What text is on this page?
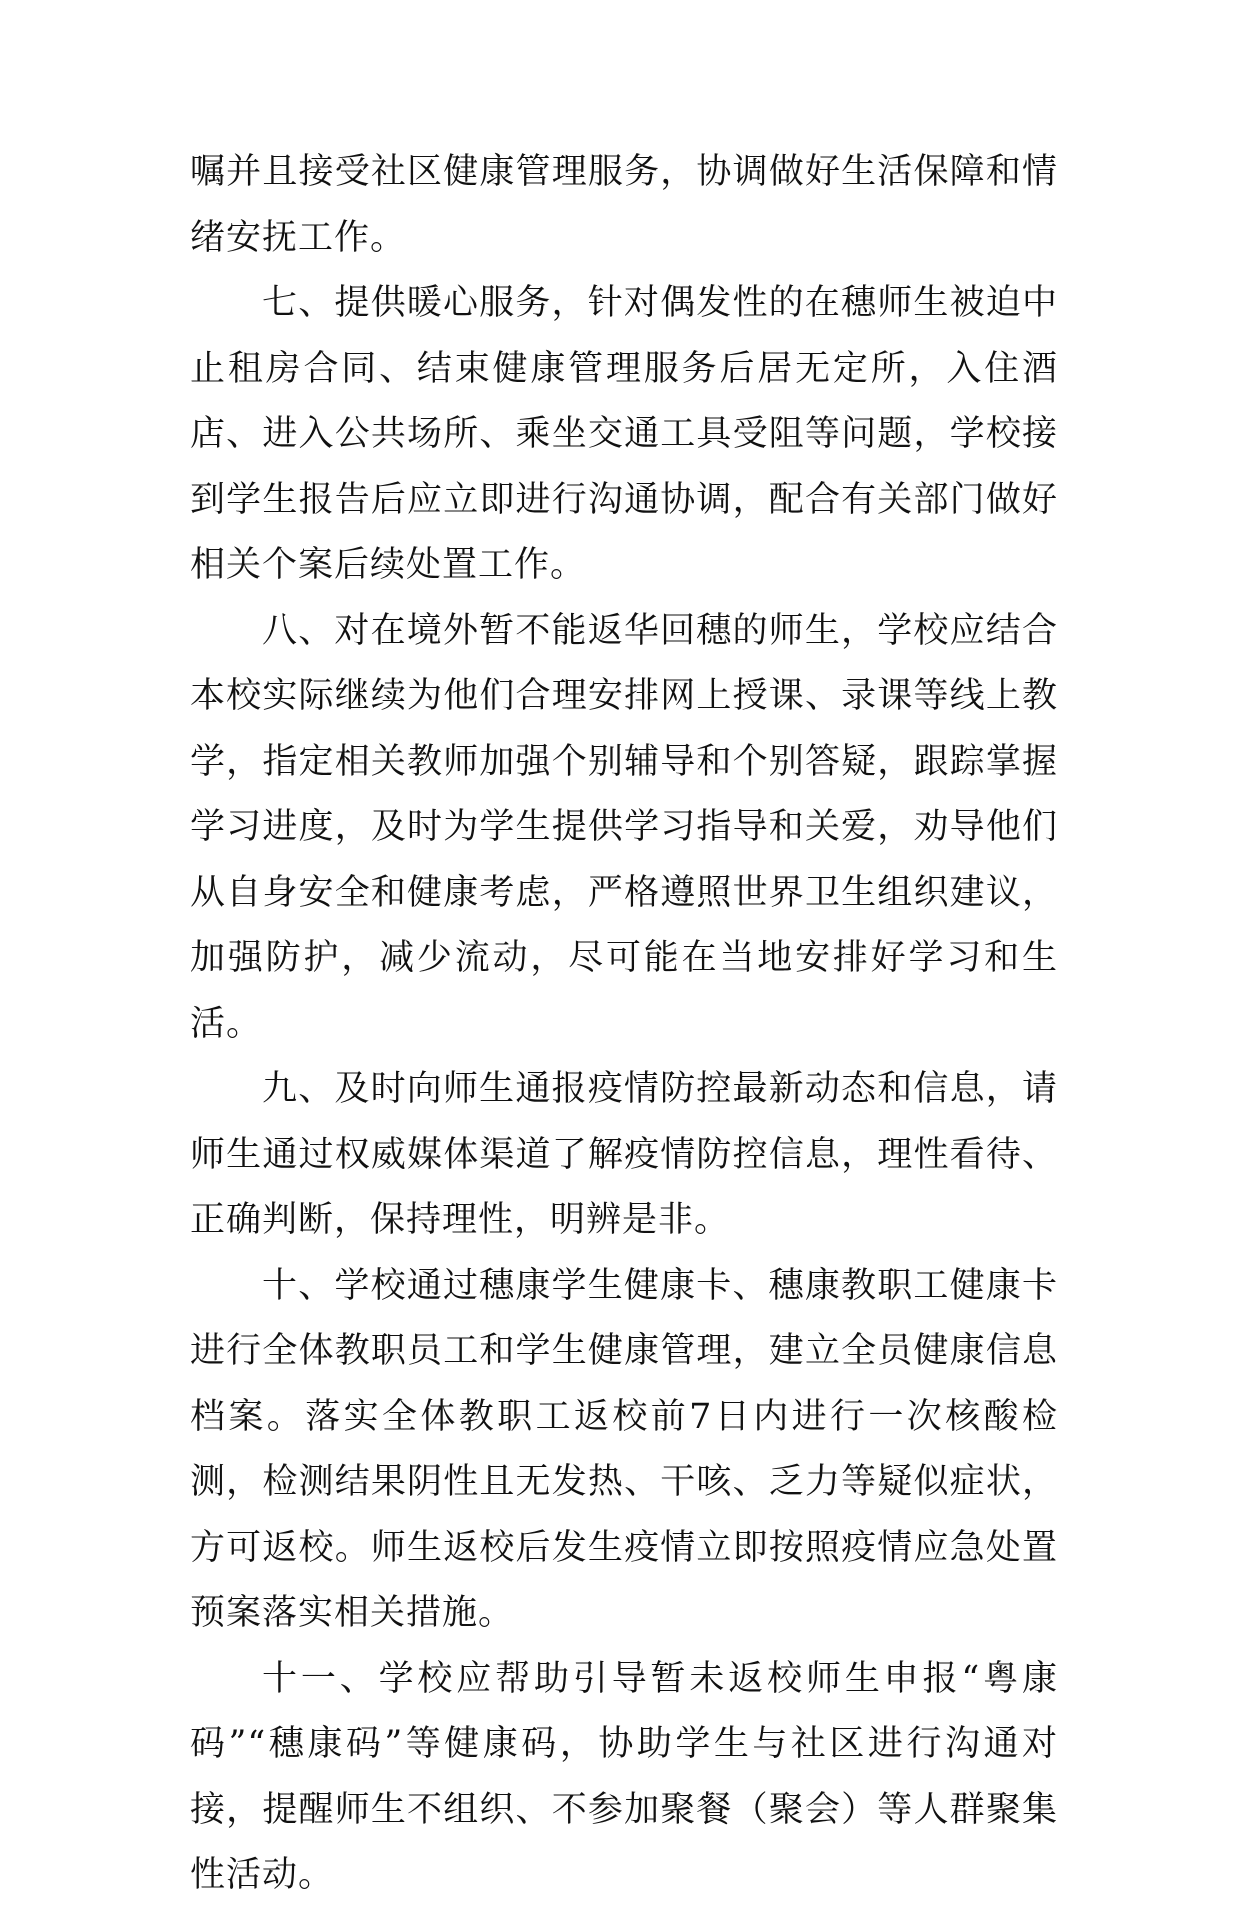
嘱并且接受社区健康管理服务，协调做好生活保障和情绪安抚工作。

七、提供暖心服务，针对偶发性的在穗师生被迫中止租房合同、结束健康管理服务后居无定所，入住酒店、进入公共场所、乘坐交通工具受阻等问题，学校接到学生报告后应立即进行沟通协调，配合有关部门做好相关个案后续处置工作。

八、对在境外暂不能返华回穗的师生，学校应结合本校实际继续为他们合理安排网上授课、录课等线上教学，指定相关教师加强个别辅导和个别答疑，跟踪掌握学习进度，及时为学生提供学习指导和关爱，劝导他们从自身安全和健康考虑，严格遵照世界卫生组织建议，加强防护，减少流动，尽可能在当地安排好学习和生活。

九、及时向师生通报疫情防控最新动态和信息，请师生通过权威媒体渠道了解疫情防控信息，理性看待、正确判断，保持理性，明辨是非。

十、学校通过穗康学生健康卡、穗康教职工健康卡进行全体教职员工和学生健康管理，建立全员健康信息档案。落实全体教职工返校前7日内进行一次核酸检测，检测结果阴性且无发热、干咳、乏力等疑似症状，方可返校。师生返校后发生疫情立即按照疫情应急处置预案落实相关措施。

十一、学校应帮助引导暂未返校师生申报“粤康码”“穗康码”等健康码，协助学生与社区进行沟通对接，提醒师生不组织、不参加聚餐（聚会）等人群聚集性活动。
